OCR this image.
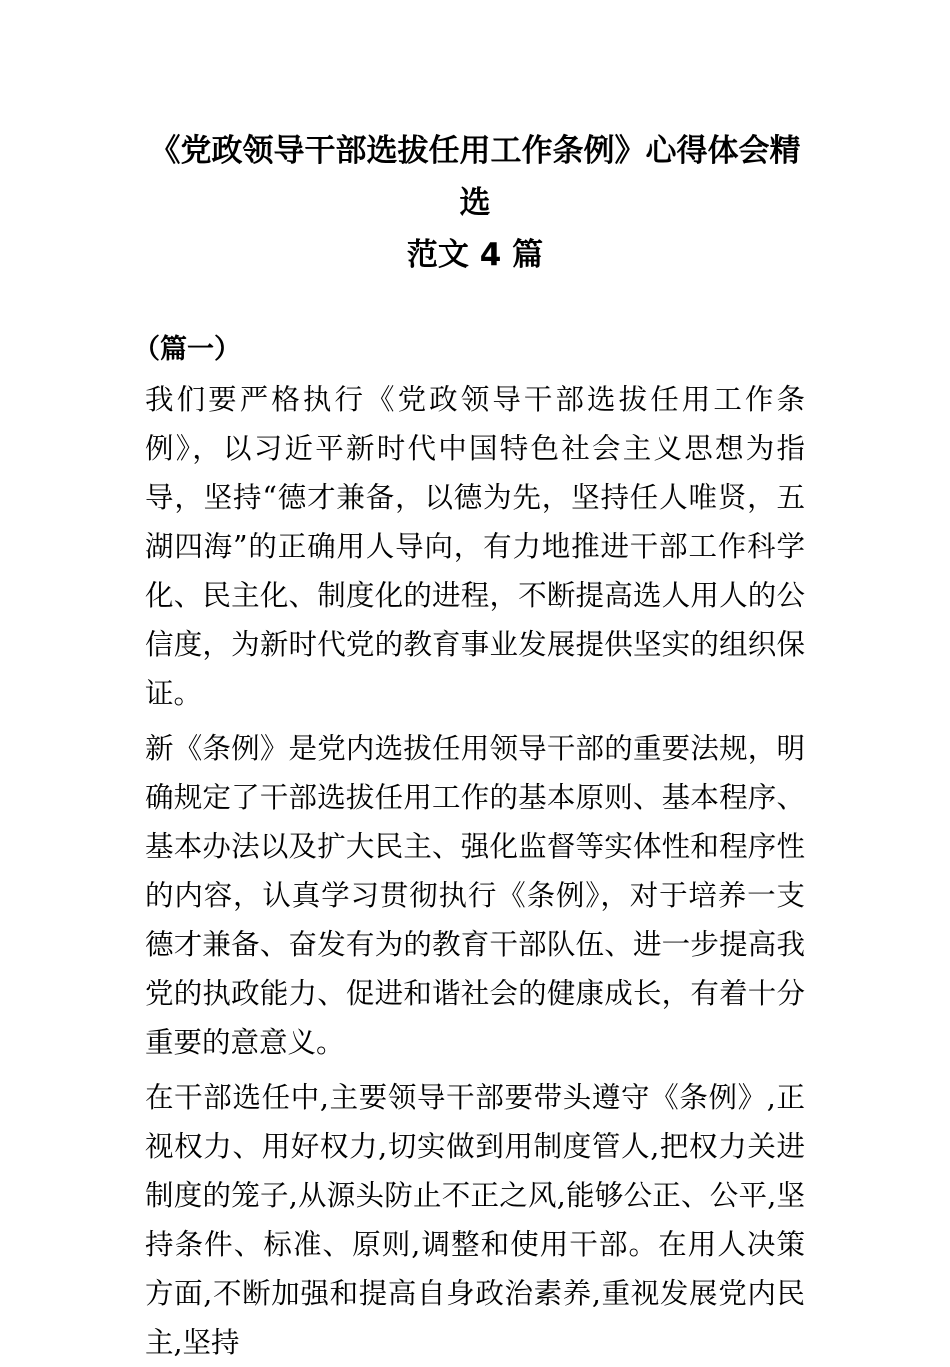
《党政领导干部选拔任用工作条例》心得体会精选
范文 4 篇
（篇一）

我们要严格执行《党政领导干部选拔任用工作条例》，以习近平新时代中国特色社会主义思想为指导，坚持“德才兼备，以德为先，坚持任人唯贤，五湖四海”的正确用人导向，有力地推进干部工作科学化、民主化、制度化的进程，不断提高选人用人的公信度，为新时代党的教育事业发展提供坚实的组织保证。

新《条例》是党内选拔任用领导干部的重要法规，明确规定了干部选拔任用工作的基本原则、基本程序、基本办法以及扩大民主、强化监督等实体性和程序性的内容，认真学习贯彻执行《条例》，对于培养一支德才兼备、奋发有为的教育干部队伍、进一步提高我党的执政能力、促进和谐社会的健康成长，有着十分重要的意意义。

在干部选任中,主要领导干部要带头遵守《条例》,正视权力、用好权力,切实做到用制度管人,把权力关进制度的笼子,从源头防止不正之风,能够公正、公平,坚持条件、标准、原则,调整和使用干部。在用人决策方面,不断加强和提高自身政治素养,重视发展党内民主,坚持
